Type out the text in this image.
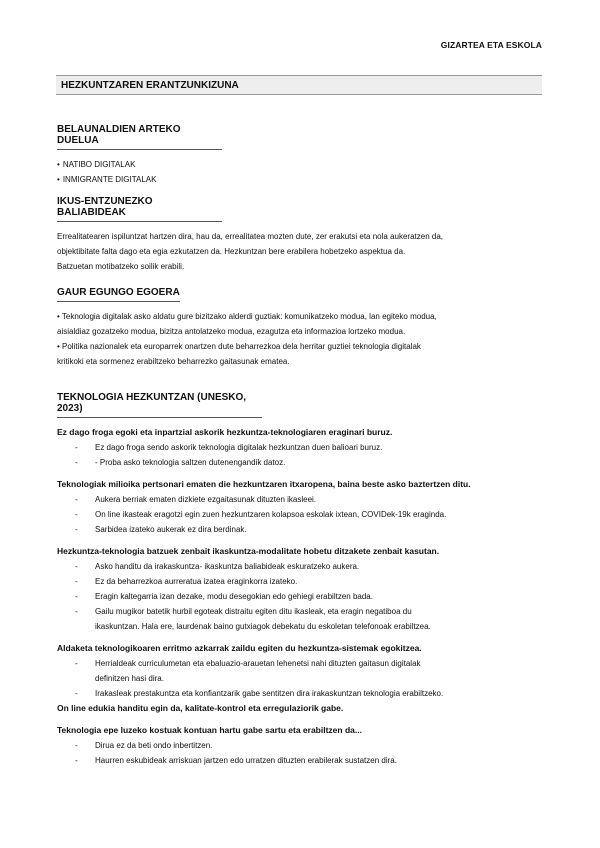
GIZARTEA ETA ESKOLA
HEZKUNTZAREN ERANTZUNKIZUNA
BELAUNALDIEN ARTEKO DUELUA
• NATIBO DIGITALAK
• INMIGRANTE DIGITALAK
IKUS-ENTZUNEZKO BALIABIDEAK
Errealitatearen ispiluntzat hartzen dira, hau da, errealitatea mozten dute, zer erakutsi eta nola aukeratzen da,
objektibitate falta dago eta egia ezkutatzen da. Hezkuntzan bere erabilera hobetzeko aspektua da.
Batzuetan motibatzeko soilik erabili.
GAUR EGUNGO EGOERA
• Teknologia digitalak asko aldatu gure bizitzako alderdi guztiak: komunikatzeko modua, lan egiteko modua,
aisialdiaz gozatzeko modua, bizitza antolatzeko modua, ezagutza eta informazioa lortzeko modua.
• Politika nazionalek eta europarrek onartzen dute beharrezkoa dela herritar guztiei teknologia digitalak
kritikoki eta sormenez erabiltzeko beharrezko gaitasunak ematea.
TEKNOLOGIA HEZKUNTZAN (UNESKO, 2023)
Ez dago froga egoki eta inpartzial askorik hezkuntza-teknologiaren eraginari buruz.
- Ez dago froga sendo askorik teknologia digitalak hezkuntzan duen balioari buruz.
- - Proba asko teknologia saltzen dutenengandik datoz.
Teknologiak milioika pertsonari ematen die hezkuntzaren itxaropena, baina beste asko baztertzen ditu.
- Aukera berriak ematen dizkiete ezgaitasunak dituzten ikasleei.
- On line ikasteak eragotzi egin zuen hezkuntzaren kolapsoa eskolak ixtean, COVIDek-19k eragindа.
- Sarbidea izateko aukerak ez dira berdinak.
Hezkuntza-teknologia batzuek zenbait ikaskuntza-modalitate hobetu ditzakete zenbait kasutan.
- Asko handitu da irakaskuntza- ikaskuntza baliabideak eskuratzeko aukera.
- Ez da beharrezkoa aurreratua izatea eraginkorra izateko.
- Eragin kaltegarria izan dezake, modu desegokian edo gehiegi erabiltzen bada.
- Gailu mugikor batetik hurbil egoteak distraitu egiten ditu ikasleak, eta eragin negatiboa du
ikaskuntzan. Hala ere, laurdenak baino gutxiagok debekatu du eskoletan telefonoak erabiltzea.
Aldaketa teknologikoaren erritmo azkarrak zaildu egiten du hezkuntza-sistemak egokitzea.
- Herrialdeak curriculumetan eta ebaluazio-arauetan lehenetsi nahi dituzten gaitasun digitalak
definitzen hasi dira.
- Irakasleak prestakuntza eta konfiantzarik gabe sentitzen dira irakaskuntzan teknologia erabiltzeko.
On line edukia handitu egin da, kalitate-kontrol eta erregulaziorik gabe.
Teknologia epe luzeko kostuak kontuan hartu gabe sartu eta erabiltzen da...
- Dirua ez da beti ondo inbertitzen.
- Haurren eskubideak arriskuan jartzen edo urratzen dituzten erabilerak sustatzen dira.
